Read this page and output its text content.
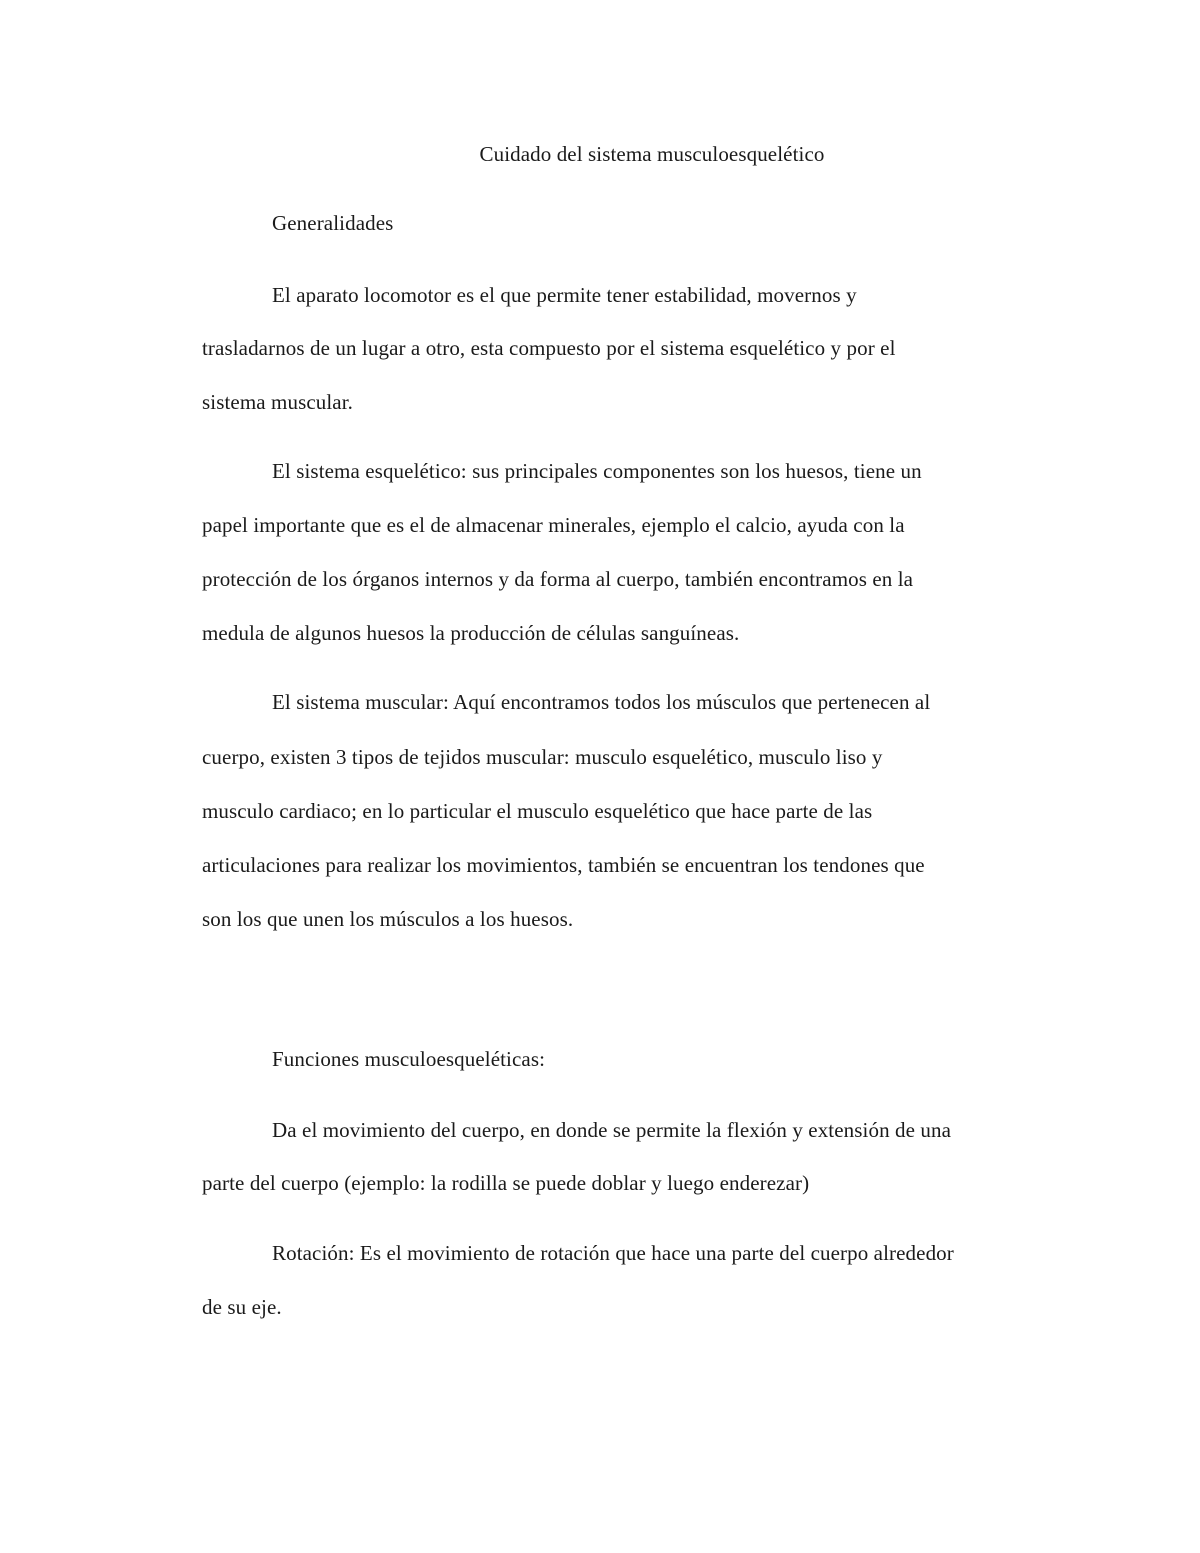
Cuidado del sistema musculoesquelético
Generalidades
El aparato locomotor es el que permite tener estabilidad, movernos y
trasladarnos de un lugar a otro, esta compuesto por el sistema esquelético y por el
sistema muscular.
El sistema esquelético: sus principales componentes son los huesos, tiene un
papel importante que es el de almacenar minerales, ejemplo el calcio, ayuda con la
protección de los órganos internos y da forma al cuerpo, también encontramos en la
medula de algunos huesos la producción de células sanguíneas.
El sistema muscular: Aquí encontramos todos los músculos que pertenecen al
cuerpo, existen 3 tipos de tejidos muscular: musculo esquelético, musculo liso y
musculo cardiaco; en lo particular el musculo esquelético que hace parte de las
articulaciones para realizar los movimientos, también se encuentran los tendones que
son los que unen los músculos a los huesos.
Funciones musculoesqueléticas:
Da el movimiento del cuerpo, en donde se permite la flexión y extensión de una
parte del cuerpo (ejemplo: la rodilla se puede doblar y luego enderezar)
Rotación: Es el movimiento de rotación que hace una parte del cuerpo alrededor
de su eje.
